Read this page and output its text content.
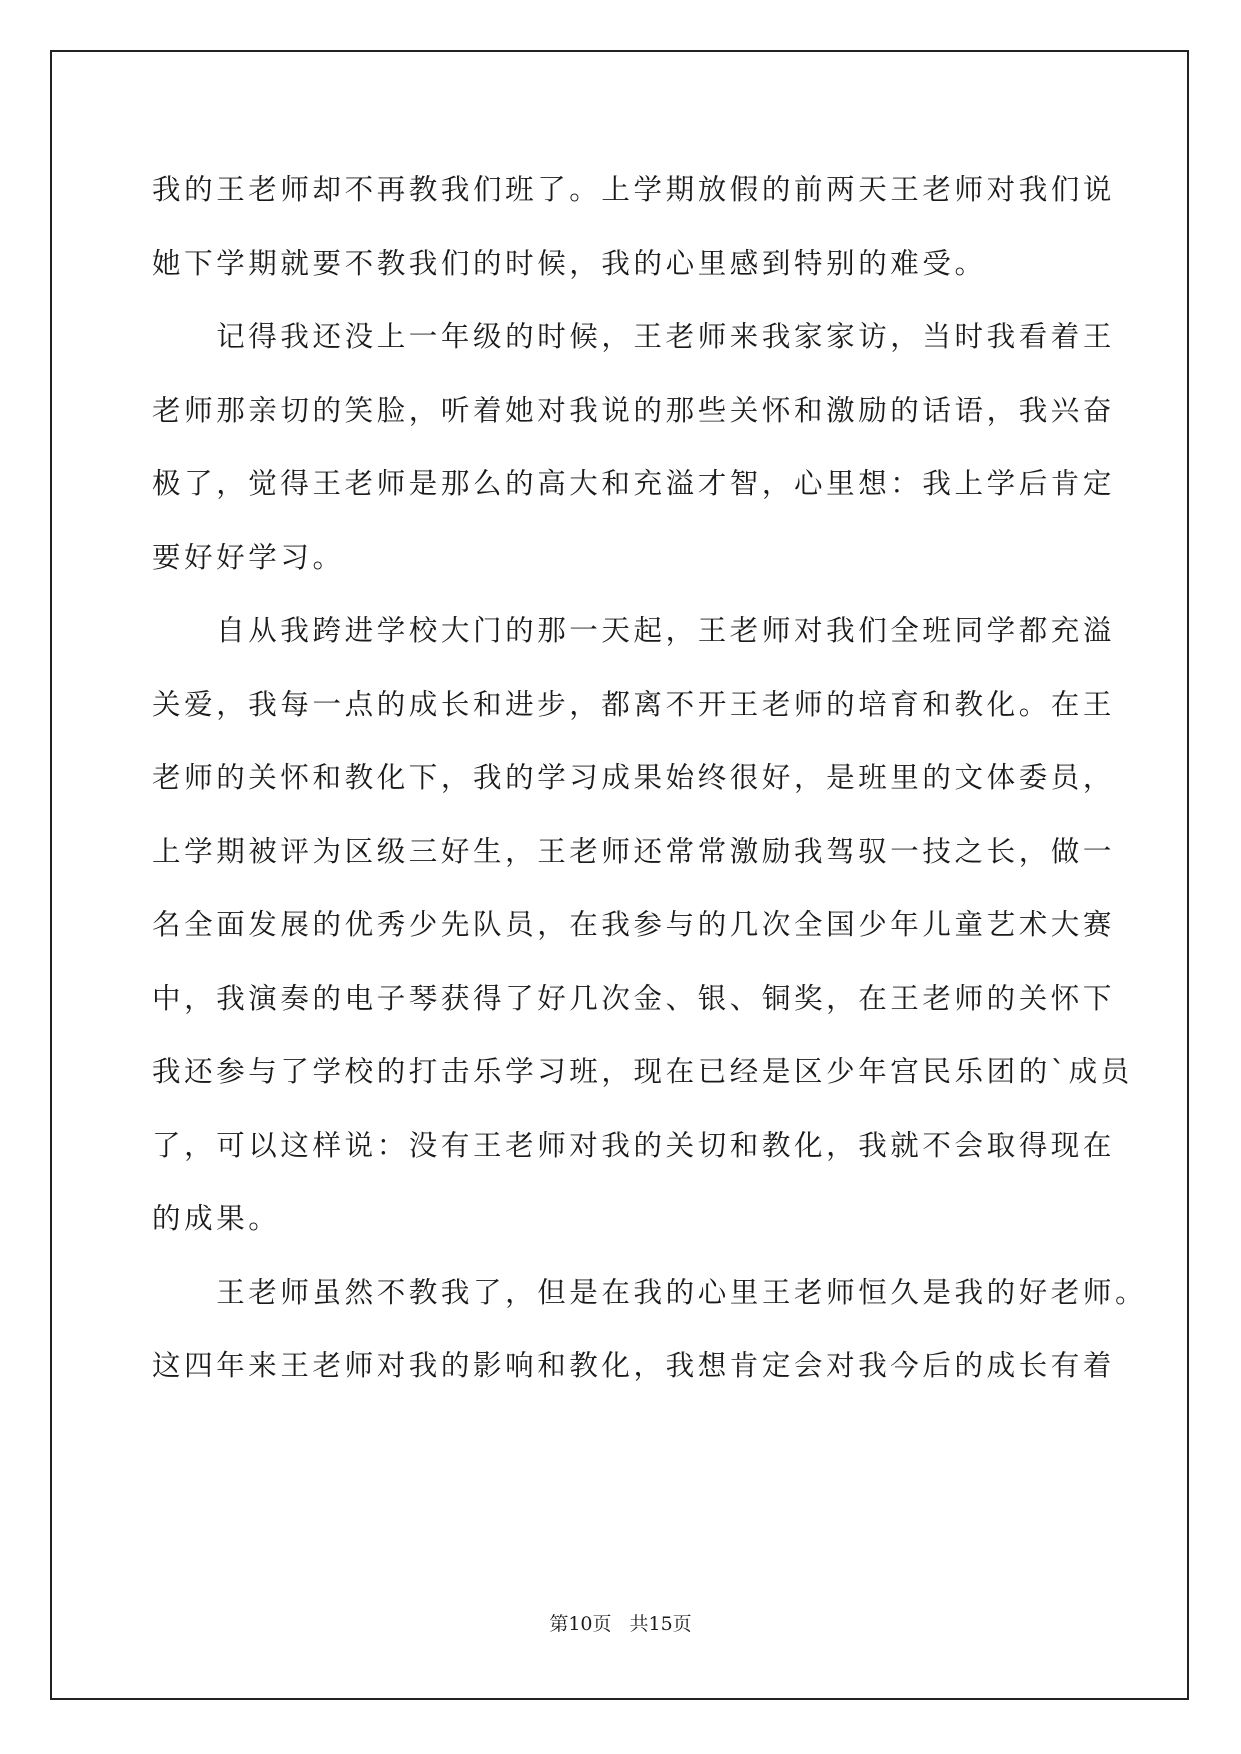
我的王老师却不再教我们班了。上学期放假的前两天王老师对我们说
她下学期就要不教我们的时候，我的心里感到特别的难受。
　　记得我还没上一年级的时候，王老师来我家家访，当时我看着王
老师那亲切的笑脸，听着她对我说的那些关怀和激励的话语，我兴奋
极了，觉得王老师是那么的高大和充溢才智，心里想：我上学后肯定
要好好学习。
　　自从我跨进学校大门的那一天起，王老师对我们全班同学都充溢
关爱，我每一点的成长和进步，都离不开王老师的培育和教化。在王
老师的关怀和教化下，我的学习成果始终很好，是班里的文体委员，
上学期被评为区级三好生，王老师还常常激励我驾驭一技之长，做一
名全面发展的优秀少先队员，在我参与的几次全国少年儿童艺术大赛
中，我演奏的电子琴获得了好几次金、银、铜奖，在王老师的关怀下
我还参与了学校的打击乐学习班，现在已经是区少年宫民乐团的`成员
了，可以这样说：没有王老师对我的关切和教化，我就不会取得现在
的成果。
　　王老师虽然不教我了，但是在我的心里王老师恒久是我的好老师。
这四年来王老师对我的影响和教化，我想肯定会对我今后的成长有着
第10页 共15页
